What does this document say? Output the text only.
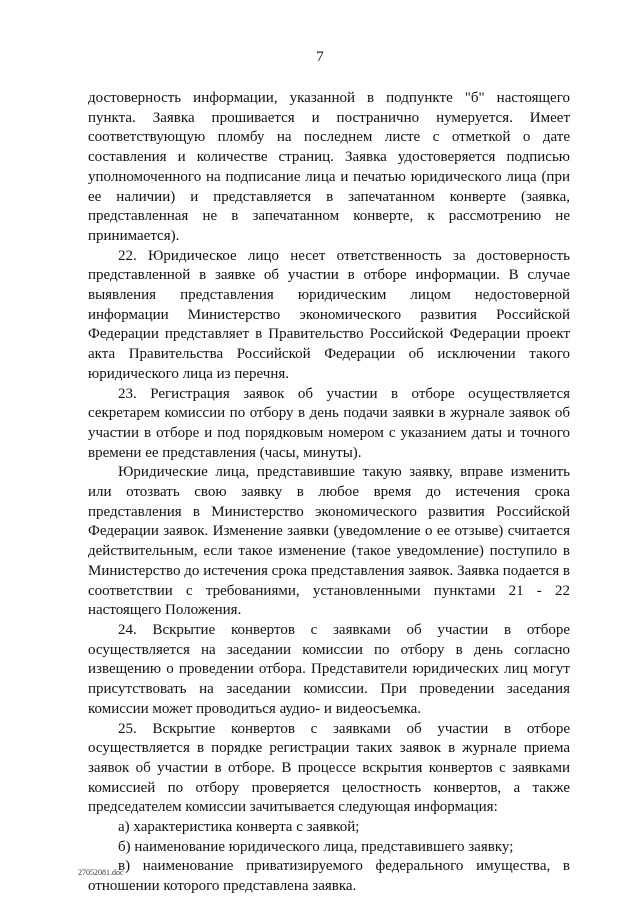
7

достоверность информации, указанной в подпункте "б" настоящего пункта. Заявка прошивается и постранично нумеруется. Имеет соответствующую пломбу на последнем листе с отметкой о дате составления и количестве страниц. Заявка удостоверяется подписью уполномоченного на подписание лица и печатью юридического лица (при ее наличии) и представляется в запечатанном конверте (заявка, представленная не в запечатанном конверте, к рассмотрению не принимается).

22. Юридическое лицо несет ответственность за достоверность представленной в заявке об участии в отборе информации. В случае выявления представления юридическим лицом недостоверной информации Министерство экономического развития Российской Федерации представляет в Правительство Российской Федерации проект акта Правительства Российской Федерации об исключении такого юридического лица из перечня.

23. Регистрация заявок об участии в отборе осуществляется секретарем комиссии по отбору в день подачи заявки в журнале заявок об участии в отборе и под порядковым номером с указанием даты и точного времени ее представления (часы, минуты).

Юридические лица, представившие такую заявку, вправе изменить или отозвать свою заявку в любое время до истечения срока представления в Министерство экономического развития Российской Федерации заявок. Изменение заявки (уведомление о ее отзыве) считается действительным, если такое изменение (такое уведомление) поступило в Министерство до истечения срока представления заявок. Заявка подается в соответствии с требованиями, установленными пунктами 21 - 22 настоящего Положения.

24. Вскрытие конвертов с заявками об участии в отборе осуществляется на заседании комиссии по отбору в день согласно извещению о проведении отбора. Представители юридических лиц могут присутствовать на заседании комиссии. При проведении заседания комиссии может проводиться аудио- и видеосъемка.

25. Вскрытие конвертов с заявками об участии в отборе осуществляется в порядке регистрации таких заявок в журнале приема заявок об участии в отборе. В процессе вскрытия конвертов с заявками комиссией по отбору проверяется целостность конвертов, а также председателем комиссии зачитывается следующая информация:

а) характеристика конверта с заявкой;

б) наименование юридического лица, представившего заявку;

в) наименование приватизируемого федерального имущества, в отношении которого представлена заявка.

27052081.doc
